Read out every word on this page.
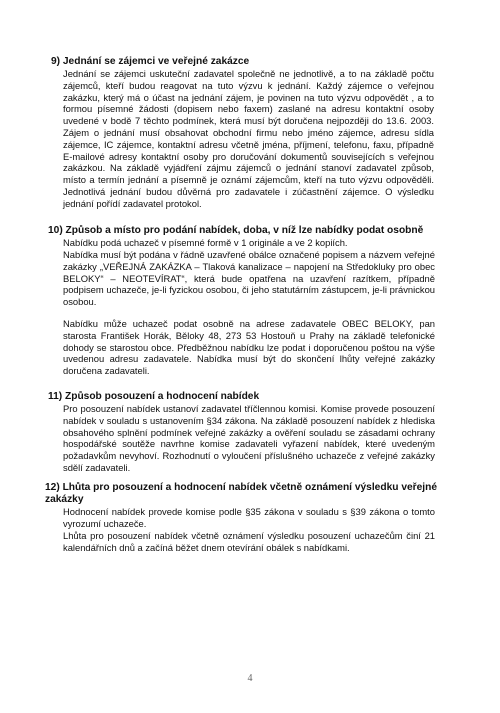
9) Jednání se zájemci ve veřejné zakázce

Jednání se zájemci uskuteční zadavatel společně ne jednotlivě, a to na základě počtu zájemců, kteří budou reagovat na tuto výzvu k jednání. Každý zájemce o veřejnou zakázku, který má o účast na jednání zájem, je povinen na tuto výzvu odpovědět , a to formou písemné žádosti (dopisem nebo faxem) zaslané na adresu kontaktní osoby uvedené v bodě 7 těchto podmínek, která musí být doručena nejpozději do 13.6. 2003. Zájem o jednání musí obsahovat obchodní firmu nebo jméno zájemce, adresu sídla zájemce, IC zájemce, kontaktní adresu včetně jména, příjmení, telefonu, faxu, případně E-mailové adresy kontaktní osoby pro doručování dokumentů souvisejících s veřejnou zakázkou. Na základě vyjádření zájmu zájemců o jednání stanoví zadavatel způsob, místo a termín jednání a písemně je oznámí zájemcům, kteří na tuto výzvu odpověděli. Jednotlivá jednání budou důvěrná pro zadavatele i zúčastnění zájemce. O výsledku jednání pořídí zadavatel protokol.

10) Způsob a místo pro podání nabídek, doba, v níž lze nabídky podat osobně

Nabídku podá uchazeč v písemné formě v 1 originále a ve 2 kopiích.

Nabídka musí být podána v řádně uzavřené obálce označené popisem a názvem veřejné zakázky „VEŘEJNÁ ZAKÁZKA – Tlaková kanalizace – napojení na Středokluky pro obec BELOKY“ – NEOTEVÍRAT“, která bude opatřena na uzavření razítkem, případně podpisem uchazeče, je-li fyzickou osobou, či jeho statutárním zástupcem, je-li právnickou osobou.

Nabídku může uchazeč podat osobně na adrese zadavatele OBEC BELOKY, pan starosta František Horák, Běloky 48, 273 53 Hostouň u Prahy na základě telefonické dohody se starostou obce. Předběžnou nabídku lze podat i doporučenou poštou na výše uvedenou adresu zadavatele. Nabídka musí být do skončení lhůty veřejné zakázky doručena zadavateli.

11) Způsob posouzení a hodnocení nabídek

Pro posouzení nabídek ustanoví zadavatel tříčlennou komisi. Komise provede posouzení nabídek v souladu s ustanovením §34 zákona. Na základě posouzení nabídek z hlediska obsahového splnění podmínek veřejné zakázky a ověření souladu se zásadami ochrany hospodářské soutěže navrhne komise zadavateli vyřazení nabídek, které uvedeným požadavkům nevyhoví. Rozhodnutí o vyloučení příslušného uchazeče z veřejné zakázky sdělí zadavateli.

12) Lhůta pro posouzení a hodnocení nabídek včetně oznámení výsledku veřejné zakázky

Hodnocení nabídek provede komise podle §35 zákona v souladu s §39 zákona o tomto vyrozumí uchazeče.

Lhůta pro posouzení nabídek včetně oznámení výsledku posouzení uchazečům činí 21 kalendářních dnů a začíná běžet dnem otevírání obálek s nabídkami.

4
